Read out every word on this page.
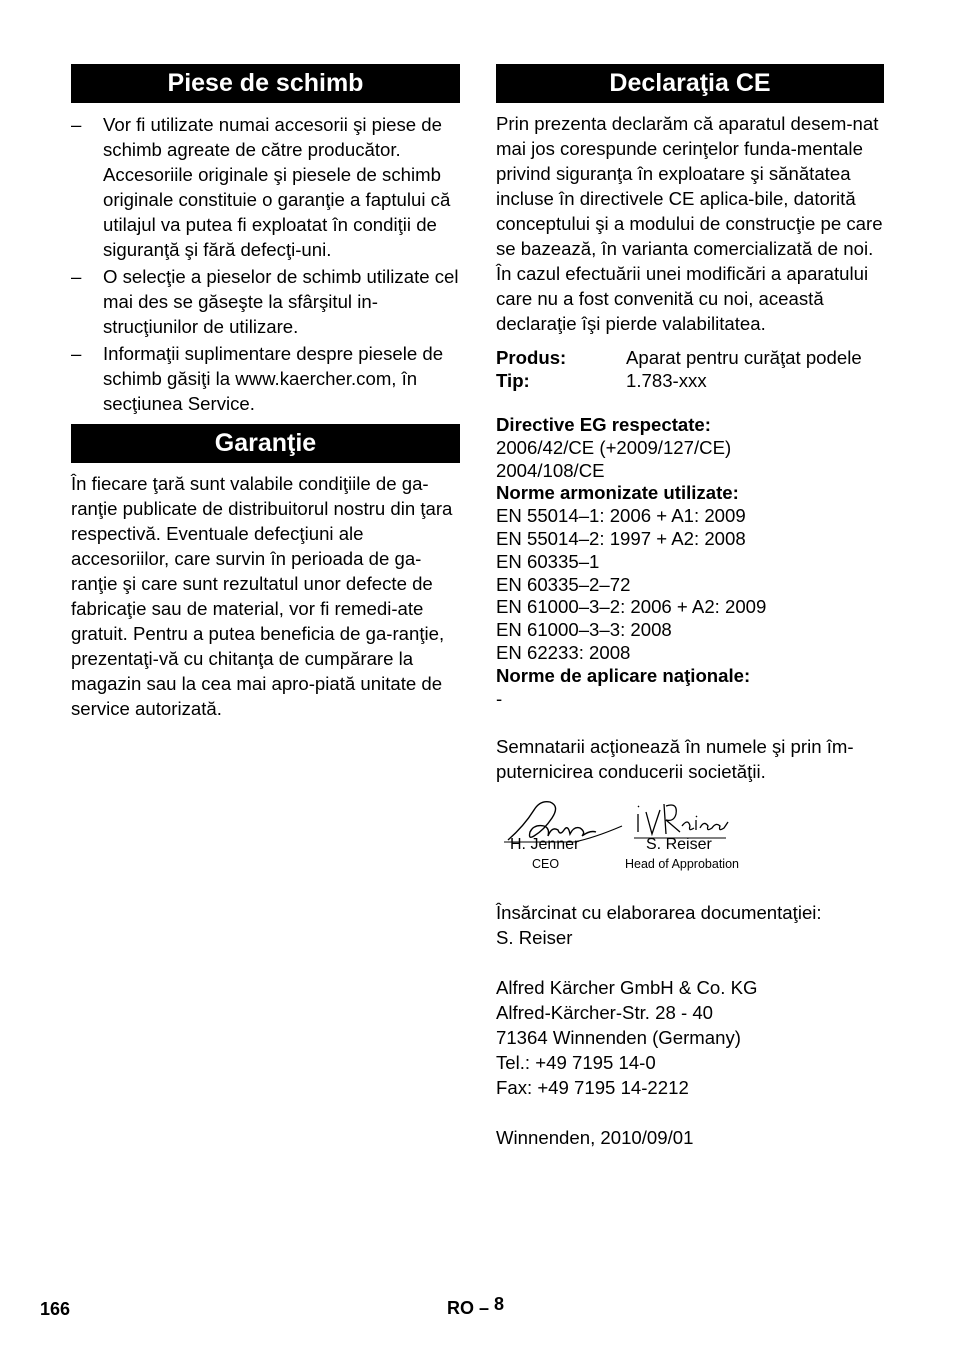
Piese de schimb
– Vor fi utilizate numai accesorii şi piese de schimb agreate de către producător. Accesoriile originale şi piesele de schimb originale constituie o garanţie a faptului că utilajul va putea fi exploatat în condiţii de siguranţă şi fără defecţi-uni.
– O selecţie a pieselor de schimb utilizate cel mai des se găseşte la sfârşitul in-strucţiunilor de utilizare.
– Informaţii suplimentare despre piesele de schimb găsiţi la www.kaercher.com, în secţiunea Service.
Garanţie

În fiecare ţară sunt valabile condiţiile de ga-ranţie publicate de distribuitorul nostru din ţara respectivă. Eventuale defecţiuni ale accesoriilor, care survin în perioada de ga-ranţie şi care sunt rezultatul unor defecte de fabricaţie sau de material, vor fi remedi-ate gratuit. Pentru a putea beneficia de ga-ranţie, prezentaţi-vă cu chitanţa de cumpărare la magazin sau la cea mai apro-piată unitate de service autorizată.

Declaraţia CE

Prin prezenta declarăm că aparatul desem-nat mai jos corespunde cerinţelor funda-mentale privind siguranţa în exploatare şi sănătatea incluse în directivele CE aplica-bile, datorită conceptului şi a modului de construcţie pe care se bazează, în varianta comercializată de noi. În cazul efectuării unei modificări a aparatului care nu a fost convenită cu noi, această declaraţie îşi pierde valabilitatea.

Produs:	Aparat pentru curăţat podele
Tip:	1.783-xxx
Directive EG respectate:
2006/42/CE (+2009/127/CE)
2004/108/CE
Norme armonizate utilizate:
EN 55014–1: 2006 + A1: 2009
EN 55014–2: 1997 + A2: 2008
EN 60335–1
EN 60335–2–72
EN 61000–3–2: 2006 + A2: 2009
EN 61000–3–3: 2008
EN 62233: 2008
Norme de aplicare naţionale:
-

Semnatarii acţionează în numele şi prin îm-puternicirea conducerii societăţii.

H. Jenner
CEO
S. Reiser
Head of Approbation
Însărcinat cu elaborarea documentaţiei:
S. Reiser
Alfred Kärcher GmbH & Co. KG
Alfred-Kärcher-Str. 28 - 40
71364 Winnenden (Germany)
Tel.: +49 7195 14-0
Fax: +49 7195 14-2212
Winnenden, 2010/09/01
166	RO – 8
